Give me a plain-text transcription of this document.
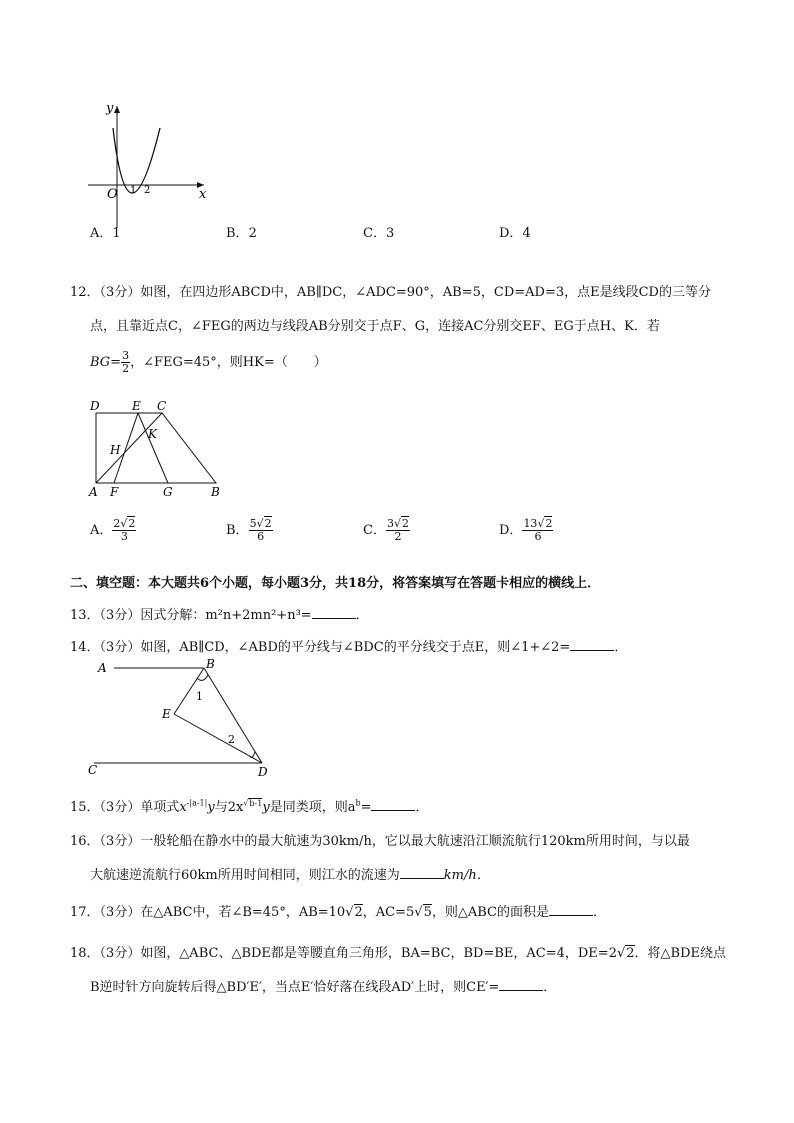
y
x
O 1 2
A．1	B．2	C．3	D．4
12．（3分）如图，在四边形ABCD中，AB∥DC，∠ADC=90°，AB=5，CD=AD=3，点E是线段CD的三等分
点，且靠近点C，∠FEG的两边与线段AB分别交于点F、G，连接AC分别交EF、EG于点H、K．若
$BG= \frac{3}{2}$ ，∠FEG=45°，则HK=（　　）
D	E C
K
H
A F	G	B
A． $\frac{2√2}{3}$	B． $\frac{5√2}{6}$	C． $\frac{3√2}{2}$	D． $\frac{13√2}{6}$
二、填空题：本大题共6个小题，每小题3分，共18分，将答案填写在答题卡相应的横线上．
13．（3分）因式分解：m²n+2mn²+n³=	．
14．（3分）如图，AB∥CD，∠ABD的平分线与∠BDC的平分线交于点E，则∠1+∠2=	．
A	B
E
1
2
C	D
15．（3分）单项式$x^{-|a-1|}y$与$2x^{√b-1}y$是同类项，则$a^b=$	．
16．（3分）一般轮船在静水中的最大航速为30km/h，它以最大航速沿江顺流航行120km所用时间，与以最
大航速逆流航行60km所用时间相同，则江水的流速为	km/h．
17．（3分）在△ABC中，若∠B=45°，AB=10√2，AC=5√5，则△ABC的面积是	．
18．（3分）如图，△ABC、△BDE都是等腰直角三角形，BA=BC，BD=BE，AC=4，DE=2√2．将△BDE绕点
B逆时针方向旋转后得△BD′E′，当点E′恰好落在线段AD′上时，则CE′=	．
